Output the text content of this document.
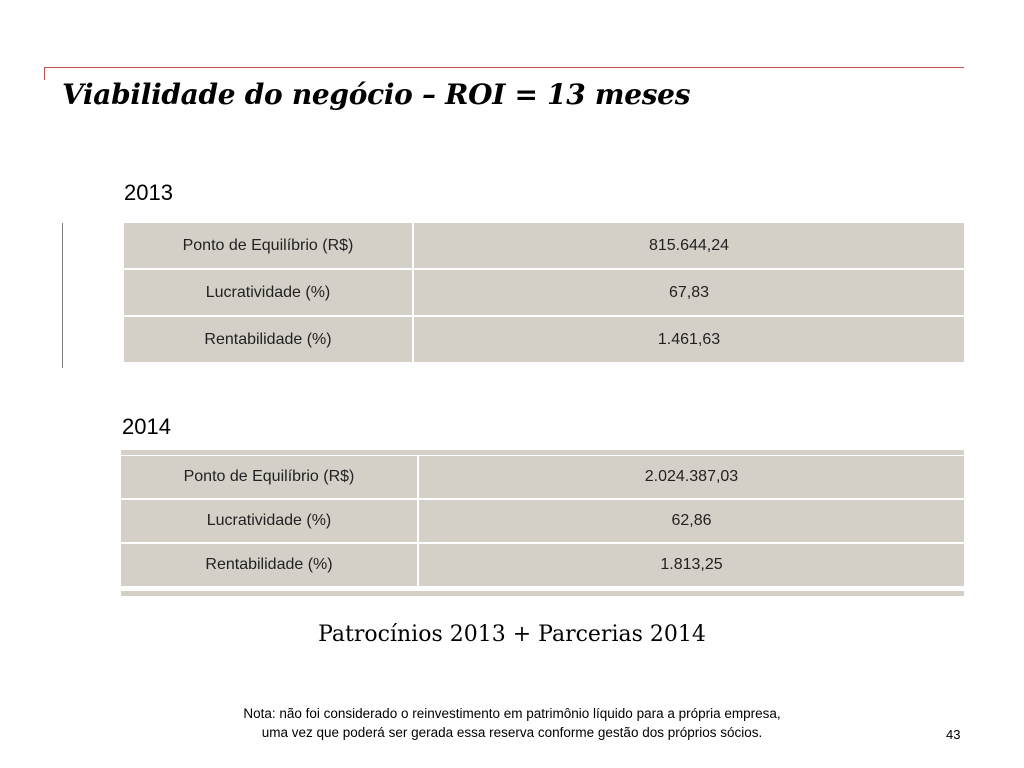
Viabilidade do negócio – ROI = 13 meses
2013
Ponto de Equilíbrio (R$)	815.644,24
Lucratividade (%)	67,83
Rentabilidade (%)	1.461,63
2014
Ponto de Equilíbrio (R$)	2.024.387,03
Lucratividade (%)	62,86
Rentabilidade (%)	1.813,25
Patrocínios 2013 + Parcerias 2014
Nota: não foi considerado o reinvestimento em patrimônio líquido para a própria empresa,
uma vez que poderá ser gerada essa reserva conforme gestão dos próprios sócios.	43
